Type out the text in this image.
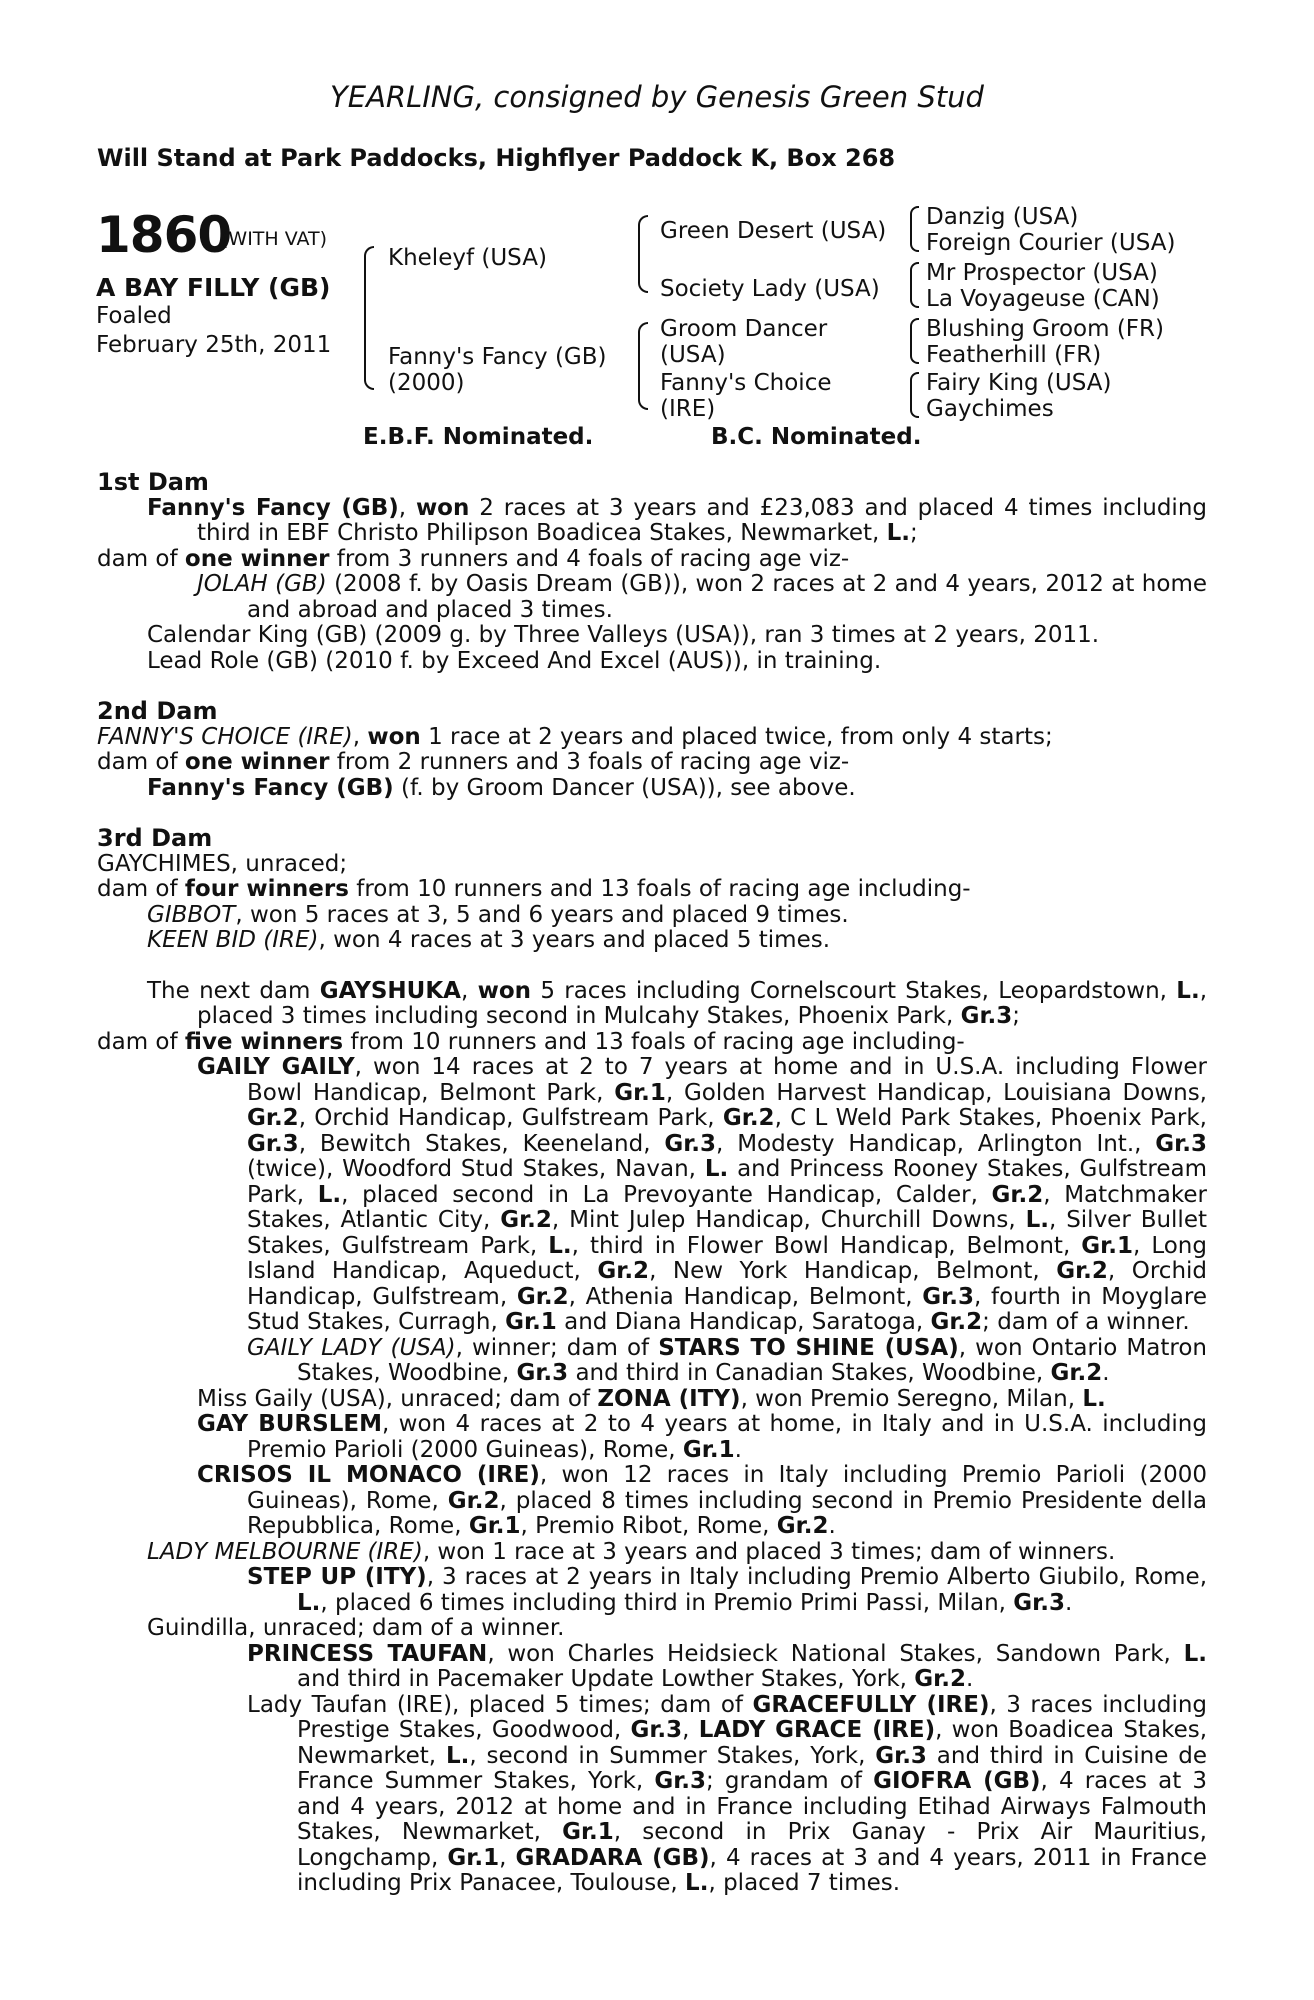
YEARLING, consigned by Genesis Green Stud
Will Stand at Park Paddocks, Highflyer Paddock K, Box 268
1860
(WITH VAT)
A BAY FILLY (GB)
Foaled
February 25th, 2011
Kheleyf (USA)
Fanny's Fancy (GB)
(2000)
Green Desert (USA)
Society Lady (USA)
Groom Dancer
(USA)
Fanny's Choice
(IRE)
Danzig (USA)
Foreign Courier (USA)
Mr Prospector (USA)
La Voyageuse (CAN)
Blushing Groom (FR)
Featherhill (FR)
Fairy King (USA)
Gaychimes
E.B.F. Nominated.	B.C. Nominated.

1st Dam

Fanny's Fancy (GB), won 2 races at 3 years and £23,083 and placed 4 times including third in EBF Christo Philipson Boadicea Stakes, Newmarket, L.;

dam of one winner from 3 runners and 4 foals of racing age viz-

JOLAH (GB) (2008 f. by Oasis Dream (GB)), won 2 races at 2 and 4 years, 2012 at home and abroad and placed 3 times.

Calendar King (GB) (2009 g. by Three Valleys (USA)), ran 3 times at 2 years, 2011.

Lead Role (GB) (2010 f. by Exceed And Excel (AUS)), in training.

2nd Dam

FANNY'S CHOICE (IRE), won 1 race at 2 years and placed twice, from only 4 starts;

dam of one winner from 2 runners and 3 foals of racing age viz-

Fanny's Fancy (GB) (f. by Groom Dancer (USA)), see above.

3rd Dam

GAYCHIMES, unraced;

dam of four winners from 10 runners and 13 foals of racing age including-

GIBBOT, won 5 races at 3, 5 and 6 years and placed 9 times.

KEEN BID (IRE), won 4 races at 3 years and placed 5 times.

The next dam GAYSHUKA, won 5 races including Cornelscourt Stakes, Leopardstown, L., placed 3 times including second in Mulcahy Stakes, Phoenix Park, Gr.3;

dam of five winners from 10 runners and 13 foals of racing age including-

GAILY GAILY, won 14 races at 2 to 7 years at home and in U.S.A. including Flower Bowl Handicap, Belmont Park, Gr.1, Golden Harvest Handicap, Louisiana Downs, Gr.2, Orchid Handicap, Gulfstream Park, Gr.2, C L Weld Park Stakes, Phoenix Park, Gr.3, Bewitch Stakes, Keeneland, Gr.3, Modesty Handicap, Arlington Int., Gr.3 (twice), Woodford Stud Stakes, Navan, L. and Princess Rooney Stakes, Gulfstream Park, L., placed second in La Prevoyante Handicap, Calder, Gr.2, Matchmaker Stakes, Atlantic City, Gr.2, Mint Julep Handicap, Churchill Downs, L., Silver Bullet Stakes, Gulfstream Park, L., third in Flower Bowl Handicap, Belmont, Gr.1, Long Island Handicap, Aqueduct, Gr.2, New York Handicap, Belmont, Gr.2, Orchid Handicap, Gulfstream, Gr.2, Athenia Handicap, Belmont, Gr.3, fourth in Moyglare Stud Stakes, Curragh, Gr.1 and Diana Handicap, Saratoga, Gr.2; dam of a winner.

GAILY LADY (USA), winner; dam of STARS TO SHINE (USA), won Ontario Matron Stakes, Woodbine, Gr.3 and third in Canadian Stakes, Woodbine, Gr.2.

Miss Gaily (USA), unraced; dam of ZONA (ITY), won Premio Seregno, Milan, L.

GAY BURSLEM, won 4 races at 2 to 4 years at home, in Italy and in U.S.A. including Premio Parioli (2000 Guineas), Rome, Gr.1.

CRISOS IL MONACO (IRE), won 12 races in Italy including Premio Parioli (2000 Guineas), Rome, Gr.2, placed 8 times including second in Premio Presidente della Repubblica, Rome, Gr.1, Premio Ribot, Rome, Gr.2.

LADY MELBOURNE (IRE), won 1 race at 3 years and placed 3 times; dam of winners.

STEP UP (ITY), 3 races at 2 years in Italy including Premio Alberto Giubilo, Rome, L., placed 6 times including third in Premio Primi Passi, Milan, Gr.3.

Guindilla, unraced; dam of a winner.

PRINCESS TAUFAN, won Charles Heidsieck National Stakes, Sandown Park, L. and third in Pacemaker Update Lowther Stakes, York, Gr.2.

Lady Taufan (IRE), placed 5 times; dam of GRACEFULLY (IRE), 3 races including Prestige Stakes, Goodwood, Gr.3, LADY GRACE (IRE), won Boadicea Stakes, Newmarket, L., second in Summer Stakes, York, Gr.3 and third in Cuisine de France Summer Stakes, York, Gr.3; grandam of GIOFRA (GB), 4 races at 3 and 4 years, 2012 at home and in France including Etihad Airways Falmouth Stakes, Newmarket, Gr.1, second in Prix Ganay - Prix Air Mauritius, Longchamp, Gr.1, GRADARA (GB), 4 races at 3 and 4 years, 2011 in France including Prix Panacee, Toulouse, L., placed 7 times.
